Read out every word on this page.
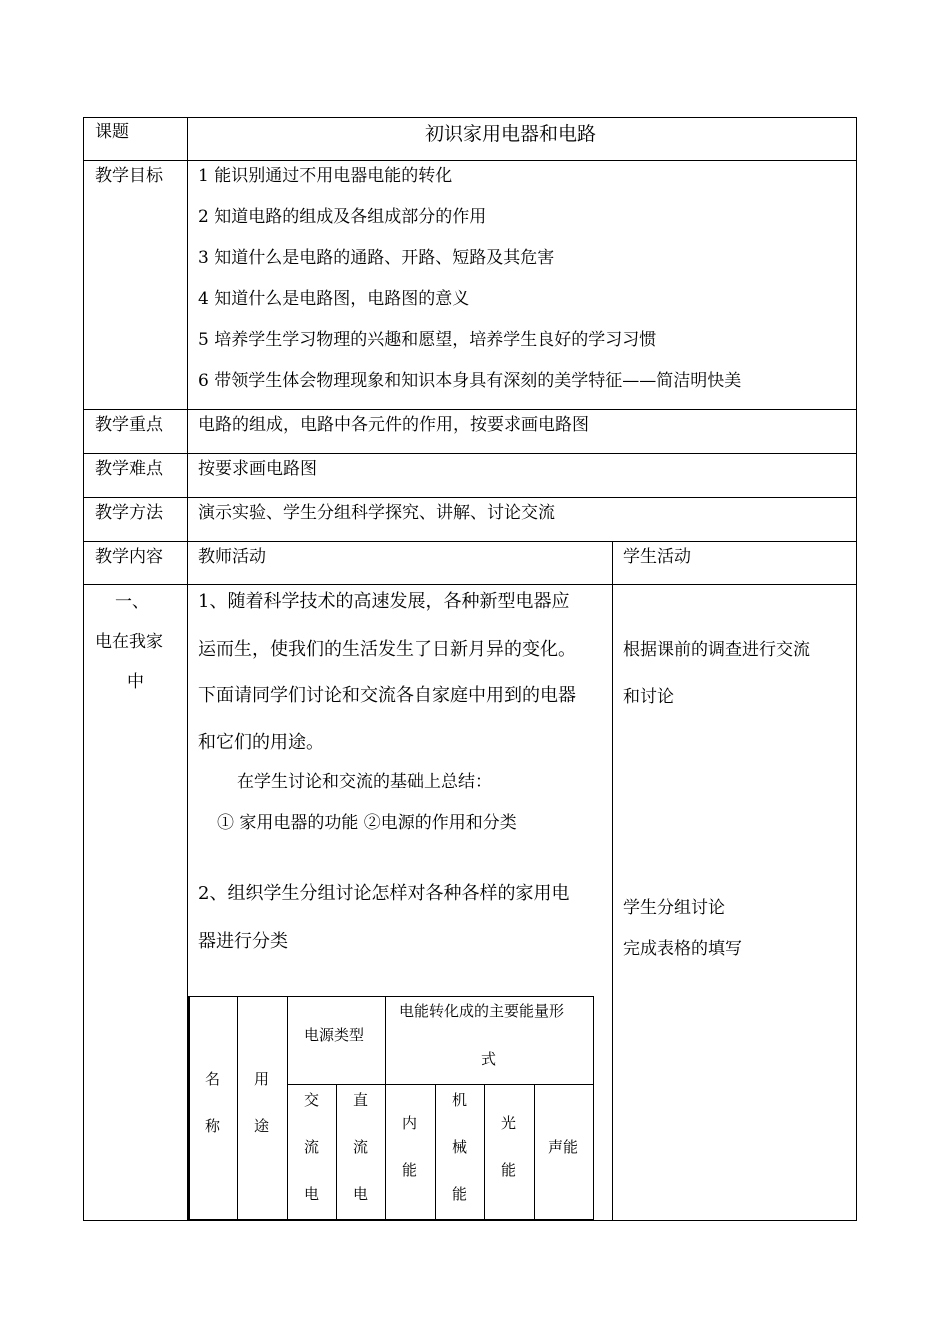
课题	初识家用电器和电路
教学目标 1 能识别通过不用电器电能的转化
2 知道电路的组成及各组成部分的作用
3 知道什么是电路的通路、开路、短路及其危害
4 知道什么是电路图，电路图的意义
5 培养学生学习物理的兴趣和愿望，培养学生良好的学习习惯
6 带领学生体会物理现象和知识本身具有深刻的美学特征——简洁明快美
教学重点 电路的组成，电路中各元件的作用，按要求画电路图
教学难点 按要求画电路图
教学方法 演示实验、学生分组科学探究、讲解、讨论交流
教学内容 教师活动	学生活动
一、
电在我家
中
1、随着科学技术的高速发展，各种新型电器应
运而生，使我们的生活发生了日新月异的变化。
下面请同学们讨论和交流各自家庭中用到的电器
和它们的用途。
在学生讨论和交流的基础上总结：
① 家用电器的功能 ②电源的作用和分类
2、组织学生分组讨论怎样对各种各样的家用电
器进行分类
根据课前的调查进行交流
和讨论
学生分组讨论
完成表格的填写
名
称
用
途
电源类型
电能转化成的主要能量形
式
交
流
电
直
流
电
内
能
机
械
能
光
能
声能
